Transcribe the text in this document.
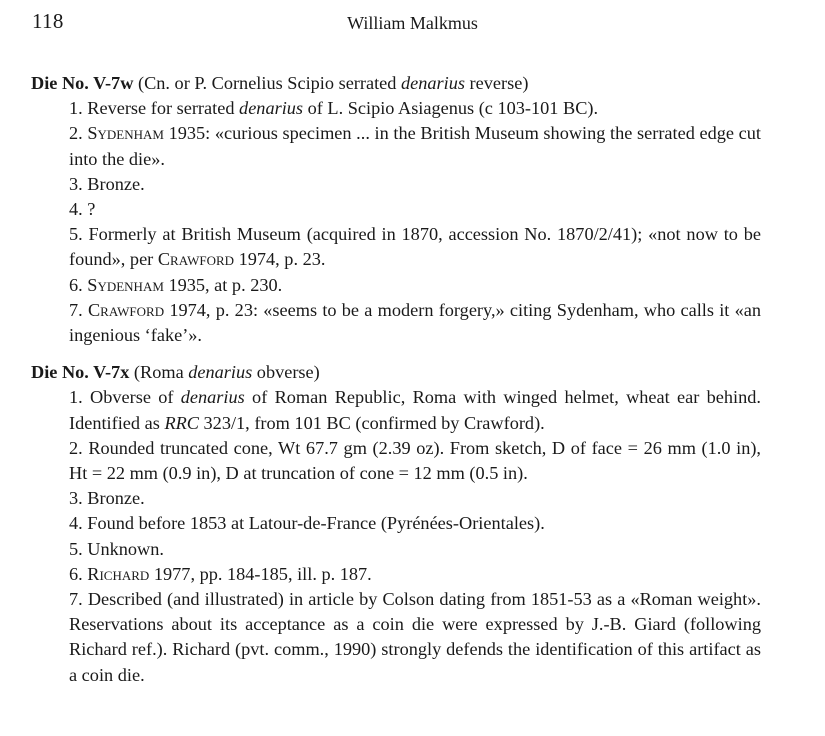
118	William Malkmus

Die No. V-7w (Cn. or P. Cornelius Scipio serrated denarius reverse)

1. Reverse for serrated denarius of L. Scipio Asiagenus (c 103-101 BC).
2. Sydenham 1935: «curious specimen ... in the British Museum showing the serrated edge cut into the die».
3. Bronze.
4. ?
5. Formerly at British Museum (acquired in 1870, accession No. 1870/2/41); «not now to be found», per Crawford 1974, p. 23.
6. Sydenham 1935, at p. 230.
7. Crawford 1974, p. 23: «seems to be a modern forgery,» citing Sydenham, who calls it «an ingenious ‘fake’».

Die No. V-7x (Roma denarius obverse)

1. Obverse of denarius of Roman Republic, Roma with winged helmet, wheat ear behind. Identified as RRC 323/1, from 101 BC (confirmed by Crawford).
2. Rounded truncated cone, Wt 67.7 gm (2.39 oz). From sketch, D of face = 26 mm (1.0 in), Ht = 22 mm (0.9 in), D at truncation of cone = 12 mm (0.5 in).
3. Bronze.
4. Found before 1853 at Latour-de-France (Pyrénées-Orientales).
5. Unknown.
6. Richard 1977, pp. 184-185, ill. p. 187.
7. Described (and illustrated) in article by Colson dating from 1851-53 as a «Roman weight». Reservations about its acceptance as a coin die were expressed by J.-B. Giard (following Richard ref.). Richard (pvt. comm., 1990) strongly defends the identification of this artifact as a coin die.
